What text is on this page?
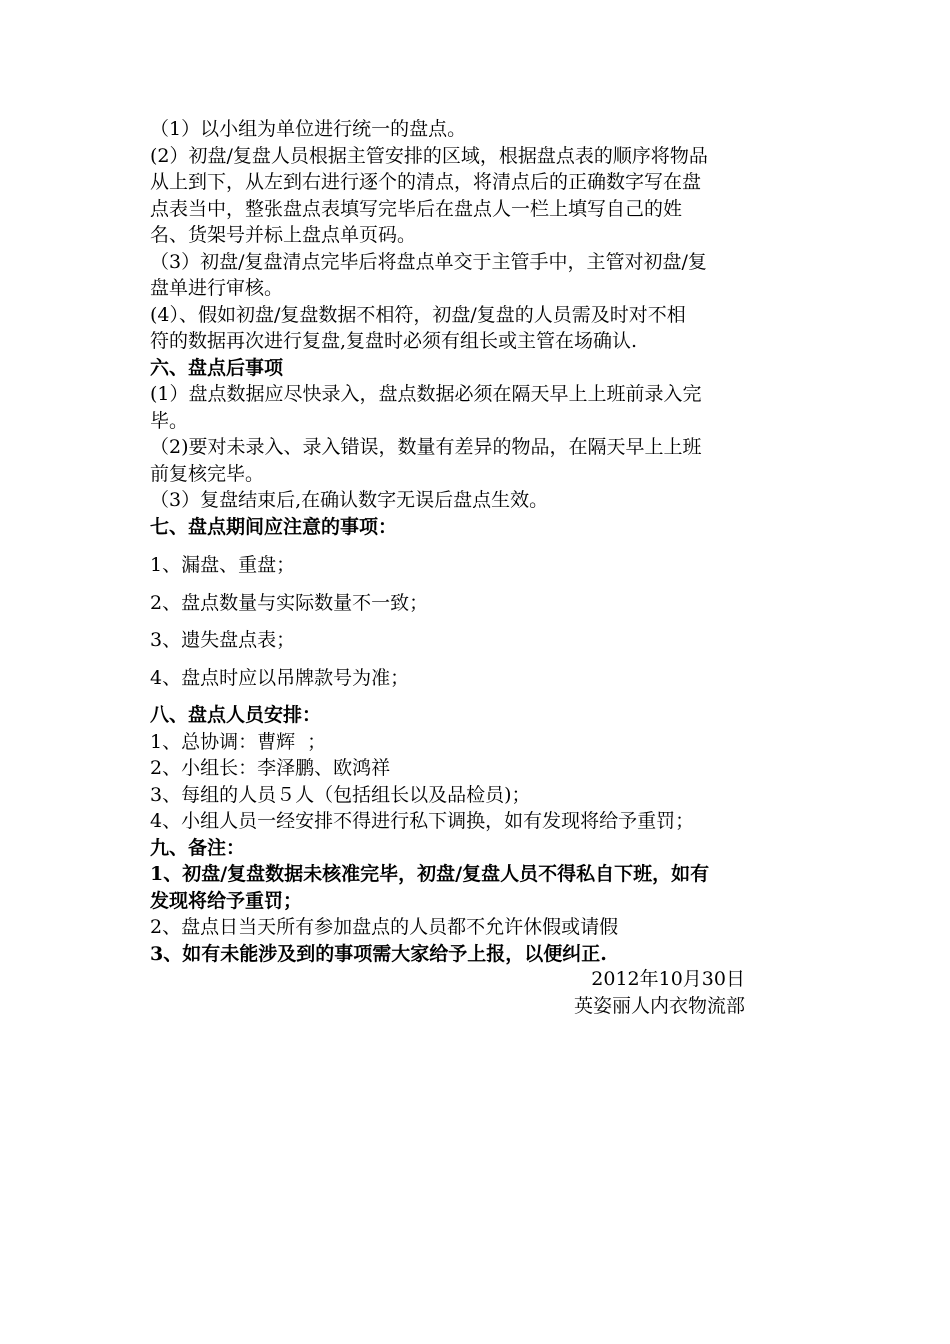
（1）以小组为单位进行统一的盘点。

(2）初盘/复盘人员根据主管安排的区域，根据盘点表的顺序将物品

从上到下，从左到右进行逐个的清点，将清点后的正确数字写在盘

点表当中，整张盘点表填写完毕后在盘点人一栏上填写自己的姓

名、货架号并标上盘点单页码。

（3）初盘/复盘清点完毕后将盘点单交于主管手中，主管对初盘/复

盘单进行审核。

(4）、假如初盘/复盘数据不相符，初盘/复盘的人员需及时对不相

符的数据再次进行复盘,复盘时必须有组长或主管在场确认.

六、盘点后事项

(1）盘点数据应尽快录入，盘点数据必须在隔天早上上班前录入完

毕。

（2)要对未录入、录入错误，数量有差异的物品，在隔天早上上班

前复核完毕。

（3）复盘结束后,在确认数字无误后盘点生效。

七、盘点期间应注意的事项：

1、漏盘、重盘；

2、盘点数量与实际数量不一致；

3、遗失盘点表；

4、盘点时应以吊牌款号为准；

八、盘点人员安排：

1、总协调：曹辉  ；

2、小组长：李泽鹏、欧鸿祥

3、每组的人员５人（包括组长以及品检员)；

4、小组人员一经安排不得进行私下调换，如有发现将给予重罚；

九、备注：

1、初盘/复盘数据未核准完毕，初盘/复盘人员不得私自下班，如有

发现将给予重罚；

2、盘点日当天所有参加盘点的人员都不允许休假或请假

3、如有未能涉及到的事项需大家给予上报，以便纠正.

2012年10月30日

英姿丽人内衣物流部
